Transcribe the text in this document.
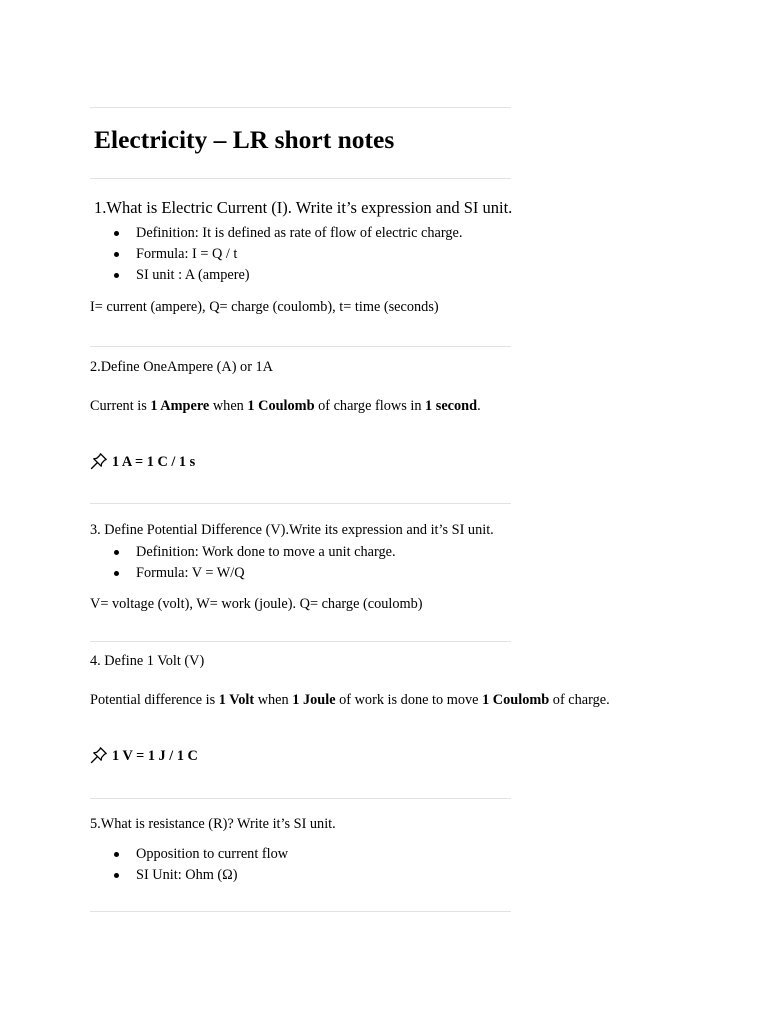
Electricity – LR short notes
1.What is Electric Current (I). Write it’s expression and SI unit.
Definition: It is defined as rate of flow of electric charge.
Formula: I = Q / t
SI unit : A (ampere)
I= current (ampere), Q= charge (coulomb), t= time (seconds)
2.Define OneAmpere (A) or 1A
Current is 1 Ampere when 1 Coulomb of charge flows in 1 second.
1 A = 1 C / 1 s
3. Define Potential Difference (V).Write its expression and it’s SI unit.
Definition: Work done to move a unit charge.
Formula: V = W/Q
V= voltage (volt), W= work (joule). Q= charge (coulomb)
4. Define 1 Volt (V)
Potential difference is 1 Volt when 1 Joule of work is done to move 1 Coulomb of charge.
1 V = 1 J / 1 C
5.What is resistance (R)? Write it’s SI unit.
Opposition to current flow
SI Unit: Ohm (Ω)
